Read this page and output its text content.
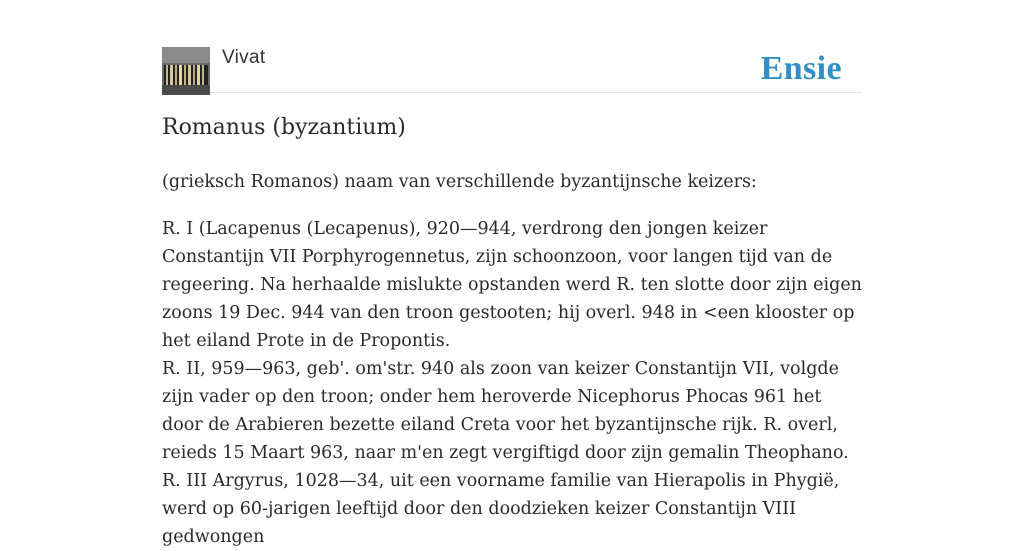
Vivat	Ensie
Romanus (byzantium)

(grieksch Romanos) naam van verschillende byzantijnsche keizers:

R. I (Lacapenus (Lecapenus), 920—944, verdrong den jongen keizer Constantijn VII Porphyrogennetus, zijn schoonzoon, voor langen tijd van de regeering. Na herhaalde mislukte opstanden werd R. ten slotte door zijn eigen zoons 19 Dec. 944 van den troon gestooten; hij overl. 948 in <een klooster op het eiland Prote in de Propontis.

R. II, 959—963, geb'. om'str. 940 als zoon van keizer Constantijn VII, volgde zijn vader op den troon; onder hem heroverde Nicephorus Phocas 961 het door de Arabieren bezette eiland Creta voor het byzantijnsche rijk. R. overl, reieds 15 Maart 963, naar m'en zegt vergiftigd door zijn gemalin Theophano.

R. III Argyrus, 1028—34, uit een voorname familie van Hierapolis in Phygië, werd op 60-jarigen leeftijd door den doodzieken keizer Constantijn VIII gedwongen
